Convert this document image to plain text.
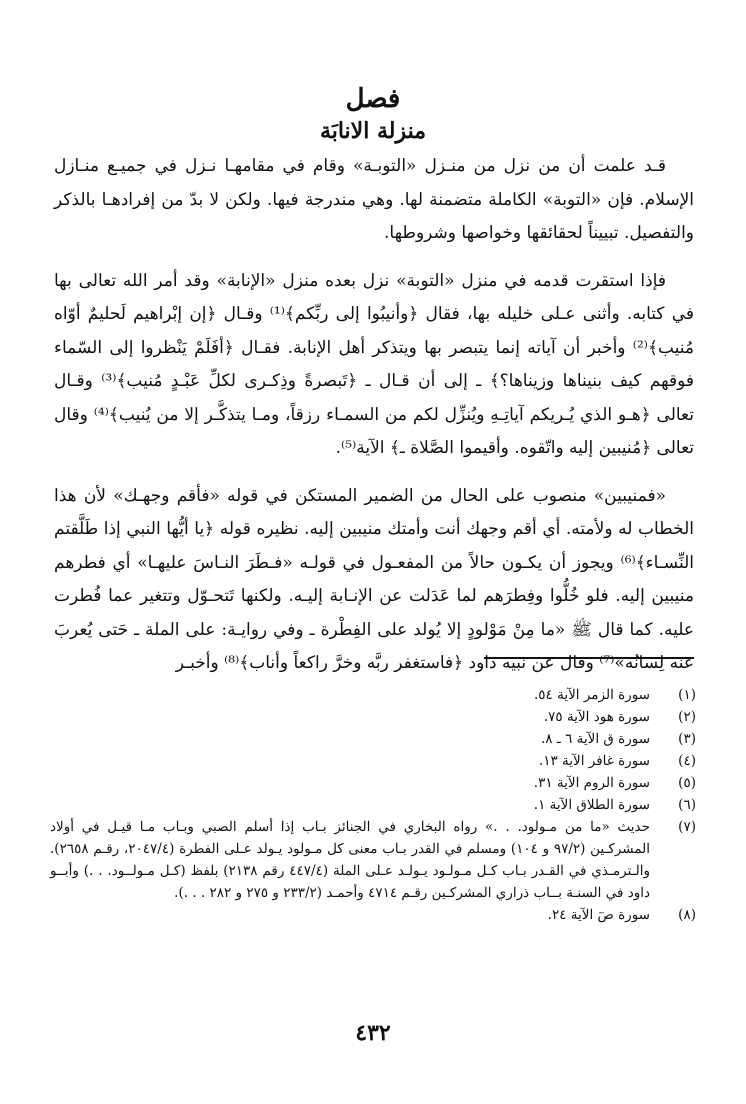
فصل
منزلة الانابَة

قـد علمت أن من نزل من منـزل «التوبـة» وقام في مقامهـا نـزل في جميـع منـازل الإسلام. فإن «التوبة» الكاملة متضمنة لها. وهي مندرجة فيها. ولكن لا بدّ من إفرادهـا بالذكر والتفصيل. تبييناً لحقائقها وخواصها وشروطها.

فإذا استقرت قدمه في منزل «التوبة» نزل بعده منزل «الإنابة» وقد أمر الله تعالى بها في كتابه. وأثنى عـلى خليله بها، فقال ﴿وأنيبُوا إلى ربِّكم﴾⁽¹⁾ وقـال ﴿إن إبْراهيم لَحليمٌ أوّاه مُنيب﴾⁽²⁾ وأخبر أن آياته إنما يتبصر بها ويتذكر أهل الإنابة. فقـال ﴿أفَلَمْ يَنْظروا إلى السّماء فوقهم كيف بنيناها وزيناها؟﴾ ـ إلى أن قـال ـ ﴿تَبصرةً وذِكـرى لكلِّ عَبْـدٍ مُنيب﴾⁽³⁾ وقـال تعالى ﴿هـو الذي يُـريكم آياتِـهِ ويُنزِّل لكم من السمـاء رزقاً، ومـا يتذكَّـر إلا من يُنيب﴾⁽⁴⁾ وقال تعالى ﴿مُنيبين إليه واتّقوه. وأقيموا الصَّلاة ـ﴾ الآية⁽⁵⁾.

«فمنيبين» منصوب على الحال من الضمير المستكن في قوله «فأقم وجهـك» لأن هذا الخطاب له ولأمته. أي أقم وجهك أنت وأمتك منيبين إليه. نظيره قوله ﴿يا أيُّها النبي إذا طَلَّقتم النِّسـاء﴾⁽⁶⁾ ويجوز أن يكـون حالاً من المفعـول في قولـه «فـطَرَ النـاسَ عليهـا» أي فطرهم منيبين إليه. فلو خُلُّوا وفِطرَهم لما عَدَلت عن الإنـابة إليـه. ولكنها تَتحـوّل وتتغير عما فُطرت عليه. كما قال ﷺ «ما مِنْ مَوْلودٍ إلا يُولد على الفِطْرة ـ وفي روايـة: على الملة ـ حَتى يُعربَ عنه لِسانُه»⁽⁷⁾ وقال عن نبيه داود ﴿فاستغفر ربَّه وخرَّ راكعاً وأناب﴾⁽⁸⁾ وأخبـر

(١)
سورة الزمر الآية ٥٤.
(٢)
سورة هود الآية ٧٥.
(٣)
سورة ق الآية ٦ ـ ٨.
(٤)
سورة غافر الآية ١٣.
(٥)
سورة الروم الآية ٣١.
(٦)
سورة الطلاق الآية ١.
(٧)
حديث «ما من مـولود. . .» رواه البخاري في الجنائز بـاب إذا أسلم الصبي وبـاب مـا قيـل في أولاد المشركـين (٩٧/٢ و ١٠٤) ومسلم في القدر بـاب معنى كل مـولود يـولد عـلى الفطرة (٢٠٤٧/٤، رقـم ٢٦٥٨). والـترمـذي في القـدر بـاب كـل مـولـود يـولـد عـلى الملة (٤٤٧/٤ رقم ٢١٣٨) بلفظ (كـل مـولــود. . .) وأبــو داود في السنـة بــاب ذراري المشركـين رقـم ٤٧١٤ وأحمـد (٢٣٣/٢ و ٢٧٥ و ٢٨٢ . . .).
(٨)
سورة صٓ الآية ٢٤.
٤٣٢
